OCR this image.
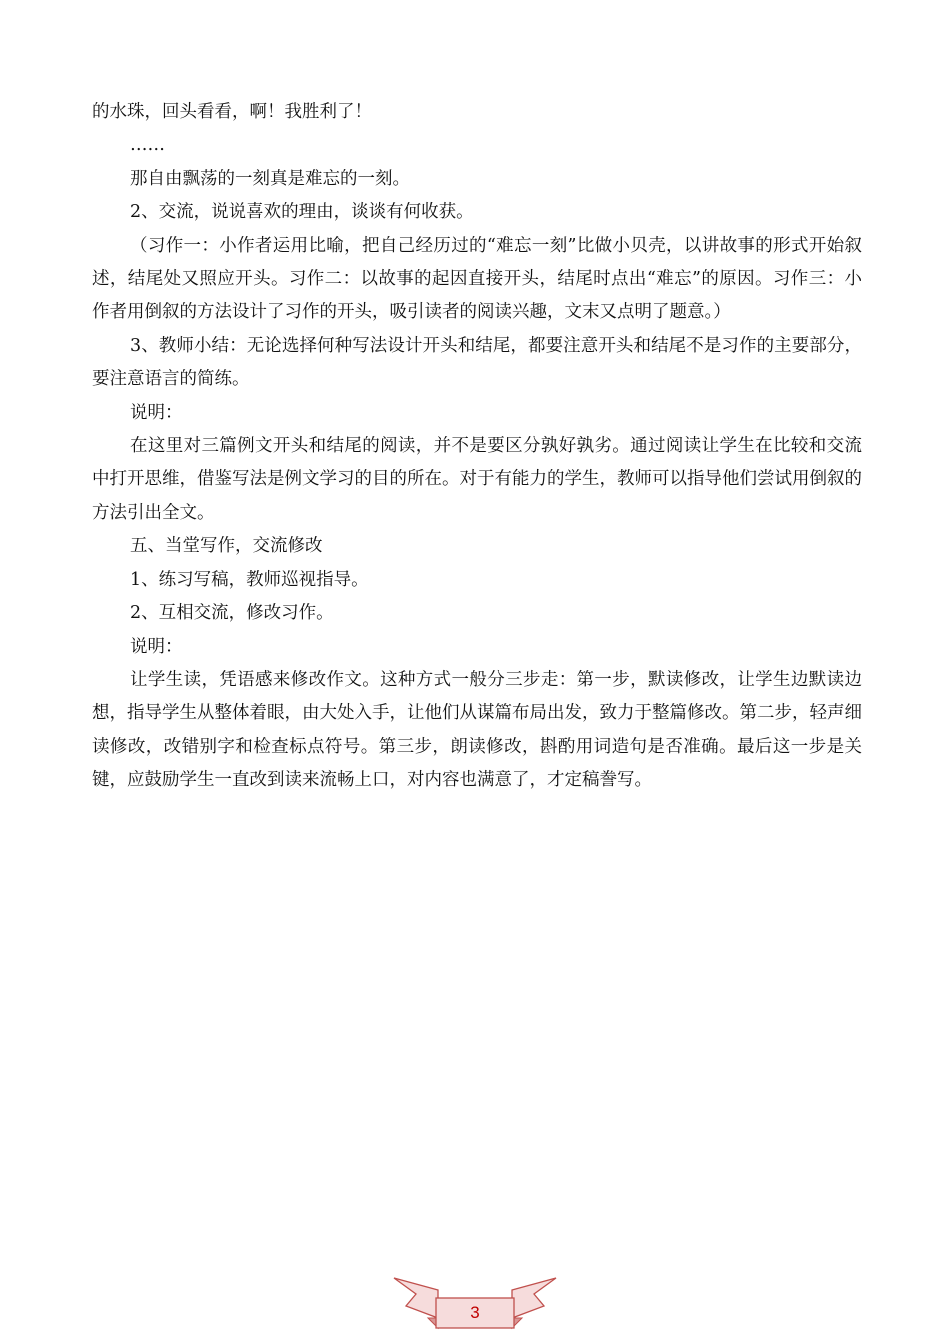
的水珠，回头看看，啊！我胜利了！

……

那自由飘荡的一刻真是难忘的一刻。

2、交流，说说喜欢的理由，谈谈有何收获。

（习作一：小作者运用比喻，把自己经历过的“难忘一刻”比做小贝壳，以讲故事的形式开始叙述，结尾处又照应开头。习作二：以故事的起因直接开头，结尾时点出“难忘”的原因。习作三：小作者用倒叙的方法设计了习作的开头，吸引读者的阅读兴趣，文末又点明了题意。）

3、教师小结：无论选择何种写法设计开头和结尾，都要注意开头和结尾不是习作的主要部分，要注意语言的简练。

说明：

在这里对三篇例文开头和结尾的阅读，并不是要区分孰好孰劣。通过阅读让学生在比较和交流中打开思维，借鉴写法是例文学习的目的所在。对于有能力的学生，教师可以指导他们尝试用倒叙的方法引出全文。

五、当堂写作，交流修改

1、练习写稿，教师巡视指导。

2、互相交流，修改习作。

说明：

让学生读，凭语感来修改作文。这种方式一般分三步走：第一步，默读修改，让学生边默读边想，指导学生从整体着眼，由大处入手，让他们从谋篇布局出发，致力于整篇修改。第二步，轻声细读修改，改错别字和检查标点符号。第三步，朗读修改，斟酌用词造句是否准确。最后这一步是关键，应鼓励学生一直改到读来流畅上口，对内容也满意了，才定稿誊写。

3
